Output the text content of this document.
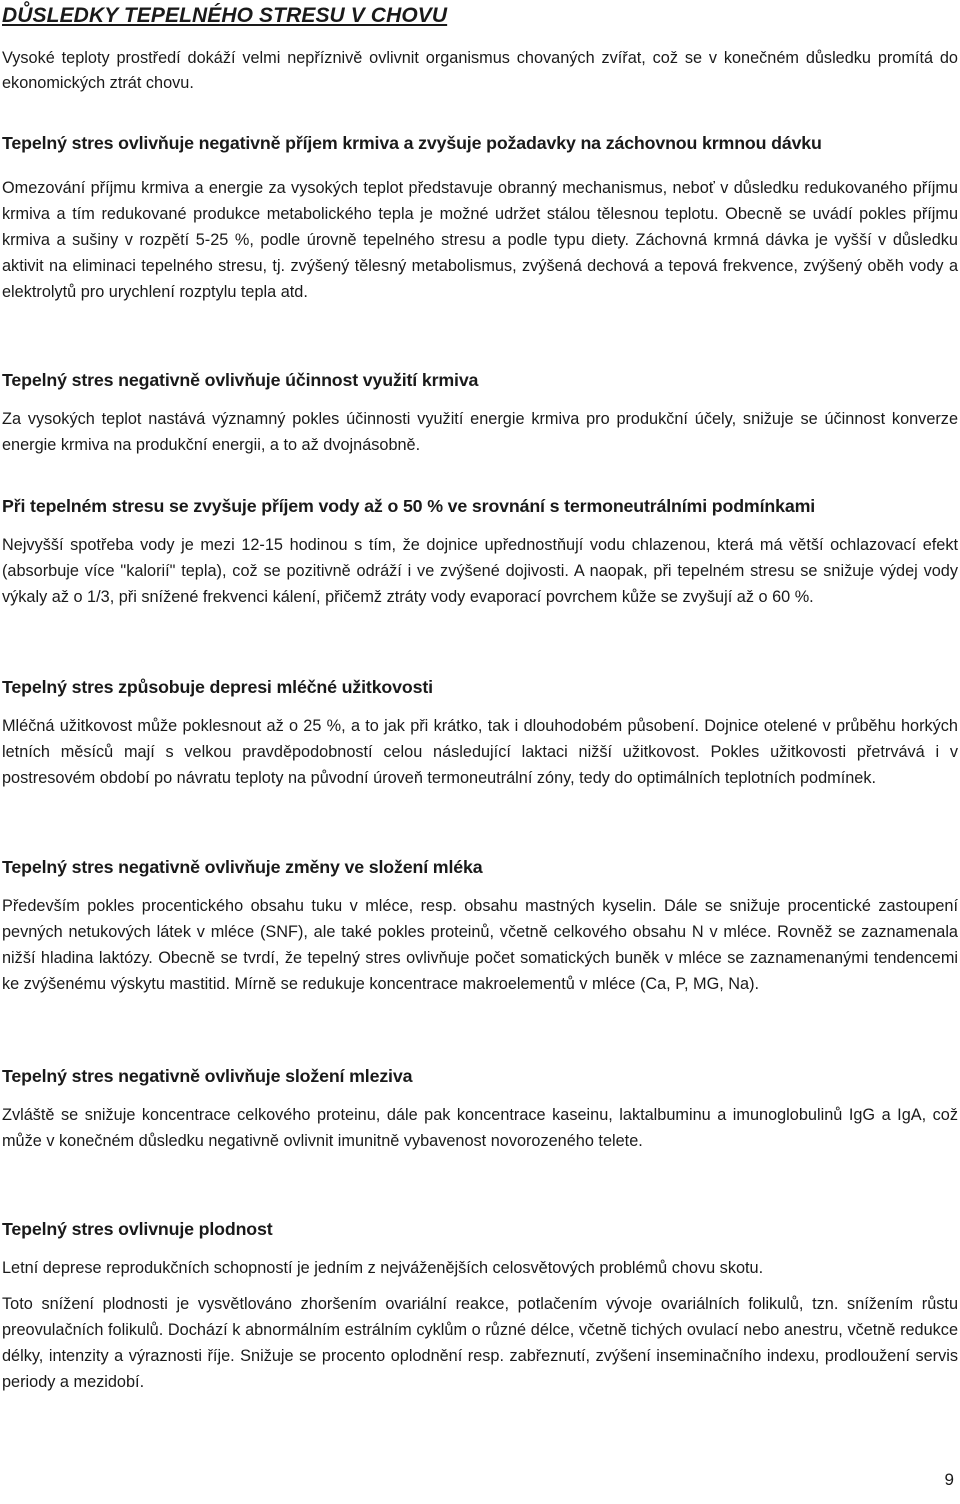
DŮSLEDKY TEPELNÉHO STRESU V CHOVU

Vysoké teploty prostředí dokáží velmi nepříznivě ovlivnit organismus chovaných zvířat, což se v konečném důsledku promítá do ekonomických ztrát chovu.

Tepelný stres ovlivňuje negativně příjem krmiva a zvyšuje požadavky na záchovnou krmnou dávku

Omezování příjmu krmiva a energie za vysokých teplot představuje obranný mechanismus, neboť v důsledku redukovaného příjmu krmiva a tím redukované produkce metabolického tepla je možné udržet stálou tělesnou teplotu. Obecně se uvádí pokles příjmu krmiva a sušiny v rozpětí 5-25 %, podle úrovně tepelného stresu a podle typu diety. Záchovná krmná dávka je vyšší v důsledku aktivit na eliminaci tepelného stresu, tj. zvýšený tělesný metabolismus, zvýšená dechová a tepová frekvence, zvýšený oběh vody a elektrolytů pro urychlení rozptylu tepla atd.

Tepelný stres negativně ovlivňuje účinnost využití krmiva

Za vysokých teplot nastává významný pokles účinnosti využití energie krmiva pro produkční účely, snižuje se účinnost konverze energie krmiva na produkční energii, a to až dvojnásobně.

Při tepelném stresu se zvyšuje příjem vody až o 50 % ve srovnání s termoneutrálními podmínkami

Nejvyšší spotřeba vody je mezi 12-15 hodinou s tím, že dojnice upřednostňují vodu chlazenou, která má větší ochlazovací efekt (absorbuje více "kalorií" tepla), což se pozitivně odráží i ve zvýšené dojivosti. A naopak, při tepelném stresu se snižuje výdej vody výkaly až o 1/3, při snížené frekvenci kálení, přičemž ztráty vody evaporací povrchem kůže se zvyšují až o 60 %.

Tepelný stres způsobuje depresi mléčné užitkovosti

Mléčná užitkovost může poklesnout až o 25 %, a to jak při krátko, tak i dlouhodobém působení. Dojnice otelené v průběhu horkých letních měsíců mají s velkou pravděpodobností celou následující laktaci nižší užitkovost. Pokles užitkovosti přetrvává i v postresovém období po návratu teploty na původní úroveň termoneutrální zóny, tedy do optimálních teplotních podmínek.

Tepelný stres negativně ovlivňuje změny ve složení mléka

Především pokles procentického obsahu tuku v mléce, resp. obsahu mastných kyselin. Dále se snižuje procentické zastoupení pevných netukových látek v mléce (SNF), ale také pokles proteinů, včetně celkového obsahu N v mléce. Rovněž se zaznamenala nižší hladina laktózy. Obecně se tvrdí, že tepelný stres ovlivňuje počet somatických buněk v mléce se zaznamenanými tendencemi ke zvýšenému výskytu mastitid. Mírně se redukuje koncentrace makroelementů v mléce (Ca, P, MG, Na).

Tepelný stres negativně ovlivňuje složení mleziva

Zvláště se snižuje koncentrace celkového proteinu, dále pak koncentrace kaseinu, laktalbuminu a imunoglobulinů IgG a IgA, což může v konečném důsledku negativně ovlivnit imunitně vybavenost novorozeného telete.

Tepelný stres ovlivnuje plodnost

Letní deprese reprodukčních schopností je jedním z nejváženějších celosvětových problémů chovu skotu.

Toto snížení plodnosti je vysvětlováno zhoršením ovariální reakce, potlačením vývoje ovariálních folikulů, tzn. snížením růstu preovulačních folikulů. Dochází k abnormálním estrálním cyklům o různé délce, včetně tichých ovulací nebo anestru, včetně redukce délky, intenzity a výraznosti říje. Snižuje se procento oplodnění resp. zabřeznutí, zvýšení inseminačního indexu, prodloužení servis periody a mezidobí.

9
